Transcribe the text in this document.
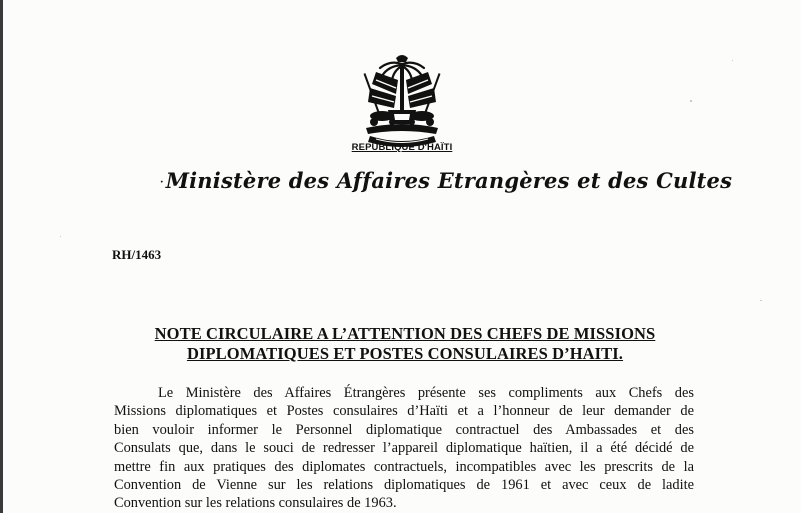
REPUBLIQUE D'HAÏTI
·Ministère des Affaires Etrangères et des Cultes
RH/1463
NOTE CIRCULAIRE A L’ATTENTION DES CHEFS DE MISSIONS
DIPLOMATIQUES ET POSTES CONSULAIRES D’HAITI.
Le Ministère des Affaires Étrangères présente ses compliments aux Chefs des
Missions diplomatiques et Postes consulaires d’Haïti et a l’honneur de leur demander de
bien vouloir informer le Personnel diplomatique contractuel des Ambassades et des
Consulats que, dans le souci de redresser l’appareil diplomatique haïtien, il a été décidé de
mettre fin aux pratiques des diplomates contractuels, incompatibles avec les prescrits de la
Convention de Vienne sur les relations diplomatiques de 1961 et avec ceux de ladite
Convention sur les relations consulaires de 1963.
